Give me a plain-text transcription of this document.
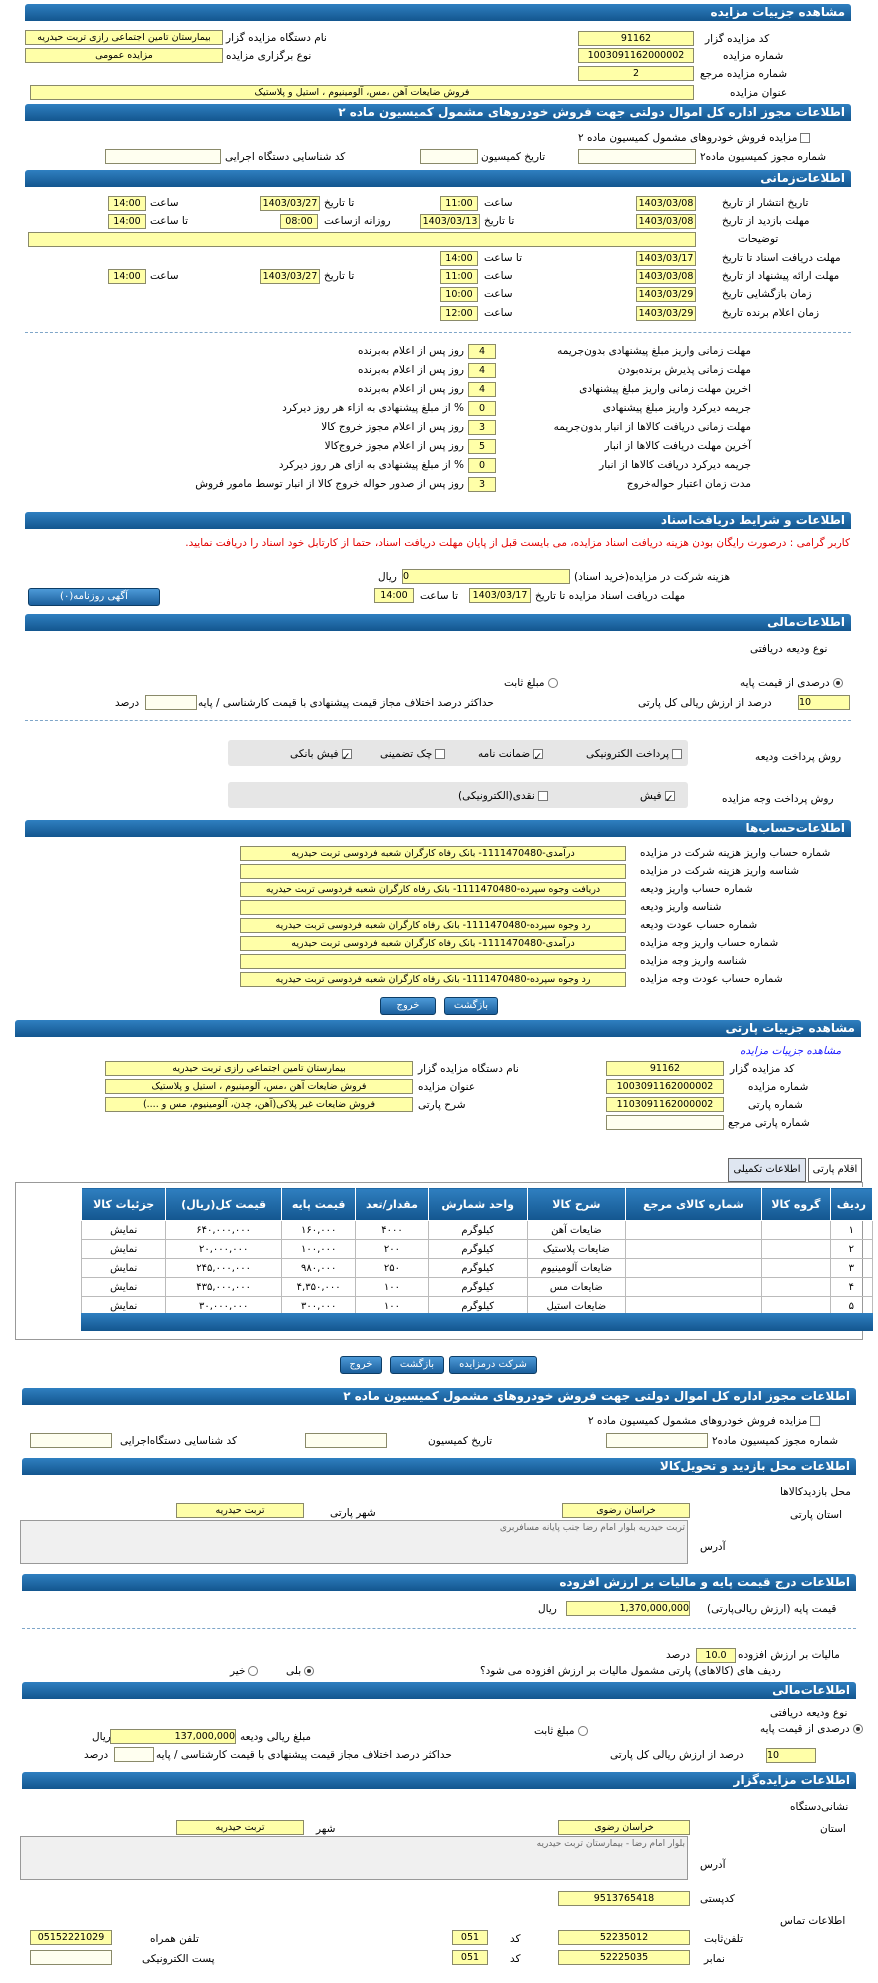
مشاهده جزییات مزایده
کد مزایده گزار
91162
نام دستگاه مزایده گزار
بیمارستان تامین اجتماعی رازی تربت حیدریه
شماره مزایده
1003091162000002
نوع برگزاری مزایده
مزایده عمومی
شماره مزایده مرجع
2
عنوان مزایده
فروش ضایعات آهن ،مس، آلومینیوم ، استیل و پلاستیک
اطلاعات مجوز اداره کل اموال دولتی جهت فروش خودروهای مشمول کمیسیون ماده ۲
مزایده فروش خودروهای مشمول کمیسیون ماده ۲
شماره مجوز کمیسیون ماده۲
تاریخ کمیسیون
کد شناسایی دستگاه اجرایی
اطلاعات‌زمانی
تاریخ انتشار از تاریخ
1403/03/08
ساعت
11:00
تا تاریخ
1403/03/27
ساعت
14:00
مهلت بازدید از تاریخ
1403/03/08
تا تاریخ
1403/03/13
روزانه ازساعت
08:00
تا ساعت
14:00
توضیحات
مهلت دریافت اسناد تا تاریخ
1403/03/17
تا ساعت
14:00
مهلت ارائه پیشنهاد از تاریخ
1403/03/08
ساعت
11:00
تا تاریخ
1403/03/27
ساعت
14:00
زمان بازگشایی تاریخ
1403/03/29
ساعت
10:00
زمان اعلام برنده تاریخ
1403/03/29
ساعت
12:00
مهلت زمانی واریز مبلغ پیشنهادی بدون‌جریمه
4
روز پس از اعلام به‌برنده
مهلت زمانی پذیرش برنده‌بودن
4
روز پس از اعلام به‌برنده
اخرین مهلت زمانی واریز مبلغ پیشنهادی
4
روز پس از اعلام به‌برنده
جریمه دیرکرد واریز مبلغ پیشنهادی
0
% از مبلغ پیشنهادی به ازاء هر روز دیرکرد
مهلت زمانی دریافت کالاها از انبار بدون‌جریمه
3
روز پس از اعلام مجوز خروج کالا
آخرین مهلت دریافت کالاها از انبار
5
روز پس از اعلام مجوز خروج‌کالا
جریمه دیرکرد دریافت کالاها از انبار
0
% از مبلغ پیشنهادی به ازای هر روز دیرکرد
مدت زمان اعتبار حواله‌خروج
3
روز پس از صدور حواله خروج کالا از انبار توسط مامور فروش
اطلاعات و شرایط دریافت‌اسناد
کاربر گرامی : درصورت رایگان بودن هزینه دریافت اسناد مزایده، می بایست قبل از پایان مهلت دریافت اسناد، حتما از کارتابل خود اسناد را دریافت نمایید.
هزینه شرکت در مزایده(خرید اسناد)
0
ریال
مهلت دریافت اسناد مزایده تا تاریخ
1403/03/17
تا ساعت
14:00
آگهی روزنامه(۰)
اطلاعات‌مالی
نوع ودیعه دریافتی
درصدی از قیمت پایه
مبلغ ثابت
10
درصد از ارزش ریالی کل پارتی
حداکثر درصد اختلاف مجاز قیمت پیشنهادی با قیمت کارشناسی / پایه
درصد
روش پرداخت ودیعه
پرداخت الکترونیکی
✓ضمانت نامه
چک تضمینی
✓فیش بانکی
روش پرداخت وجه مزایده
✓فیش
نقدی(الکترونیکی)
اطلاعات‌حساب‌ها
شماره حساب واریز هزینه شرکت در مزایده
درآمدی-1111470480- بانک رفاه کارگران شعبه فردوسی تربت حیدریه
شناسه واریز هزینه شرکت در مزایده
شماره حساب واریز ودیعه
دریافت وجوه سپرده-1111470480- بانک رفاه کارگران شعبه فردوسی تربت حیدریه
شناسه واریز ودیعه
شماره حساب عودت ودیعه
رد وجوه سپرده-1111470480- بانک رفاه کارگران شعبه فردوسی تربت حیدریه
شماره حساب واریز وجه مزایده
درآمدی-1111470480- بانک رفاه کارگران شعبه فردوسی تربت حیدریه
شناسه واریز وجه مزایده
شماره حساب عودت وجه مزایده
رد وجوه سپرده-1111470480- بانک رفاه کارگران شعبه فردوسی تربت حیدریه
بازگشت
خروج
مشاهده جزییات پارتی
مشاهده جزییات مزایده
کد مزایده گزار
91162
نام دستگاه مزایده گزار
بیمارستان تامین اجتماعی رازی تربت حیدریه
شماره مزایده
1003091162000002
عنوان مزایده
فروش ضایعات آهن ،مس، آلومینیوم ، استیل و پلاستیک
شماره پارتی
1103091162000002
شرح پارتی
فروش ضایعات غیر پلاکی(آهن، چدن، آلومینیوم، مس و ....)
شماره پارتی مرجع
اقلام پارتی
اطلاعات تکمیلی
ردیف	گروه کالا	شماره کالای مرجع	شرح کالا	واحد شمارش	مقدار/تعد	قیمت پایه	قیمت کل(ریال)	جزئیات کالا
۱			ضایعات آهن	کیلوگرم	۴۰۰۰	۱۶۰,۰۰۰	۶۴۰,۰۰۰,۰۰۰	نمایش
۲			ضایعات پلاستیک	کیلوگرم	۲۰۰	۱۰۰,۰۰۰	۲۰,۰۰۰,۰۰۰	نمایش
۳			ضایعات آلومینیوم	کیلوگرم	۲۵۰	۹۸۰,۰۰۰	۲۴۵,۰۰۰,۰۰۰	نمایش
۴			ضایعات مس	کیلوگرم	۱۰۰	۴,۳۵۰,۰۰۰	۴۳۵,۰۰۰,۰۰۰	نمایش
۵			ضایعات استیل	کیلوگرم	۱۰۰	۳۰۰,۰۰۰	۳۰,۰۰۰,۰۰۰	نمایش
شرکت درمزایده
بازگشت
خروج
اطلاعات مجوز اداره کل اموال دولتی جهت فروش خودروهای مشمول کمیسیون ماده ۲
مزایده فروش خودروهای مشمول کمیسیون ماده ۲
شماره مجوز کمیسیون ماده۲
تاریخ کمیسیون
کد شناسایی دستگاه‌اجرایی
اطلاعات محل بازدید و تحویل‌کالا
محل بازدیدکالاها
استان پارتی
خراسان رضوی
شهر پارتی
تربت حیدریه
آدرس
تربت حیدریه بلوار امام رضا جنب پایانه مسافربری
اطلاعات درج قیمت پایه و مالیات بر ارزش افزوده
قیمت پایه (ارزش ریالی‌پارتی)
1,370,000,000
ریال
مالیات بر ارزش افزوده
10.0
درصد
ردیف های (کالاهای) پارتی مشمول مالیات بر ارزش افزوده می شود؟
بلی
خیر
اطلاعات‌مالی
نوع ودیعه دریافتی
درصدی از قیمت پایه
مبلغ ثابت
مبلغ ریالی ودیعه
137,000,000
ریال
10
درصد از ارزش ریالی کل پارتی
حداکثر درصد اختلاف مجاز قیمت پیشنهادی با قیمت کارشناسی / پایه
درصد
اطلاعات مزایده‌گزار
نشانی‌دستگاه
استان
خراسان رضوی
شهر
تربت حیدریه
آدرس
بلوار امام رضا - بیمارستان تربت حیدریه
کدپستی
9513765418
اطلاعات تماس
تلفن‌ثابت
52235012
کد
051
تلفن همراه
05152221029
نمابر
52225035
کد
051
پست الکترونیکی
